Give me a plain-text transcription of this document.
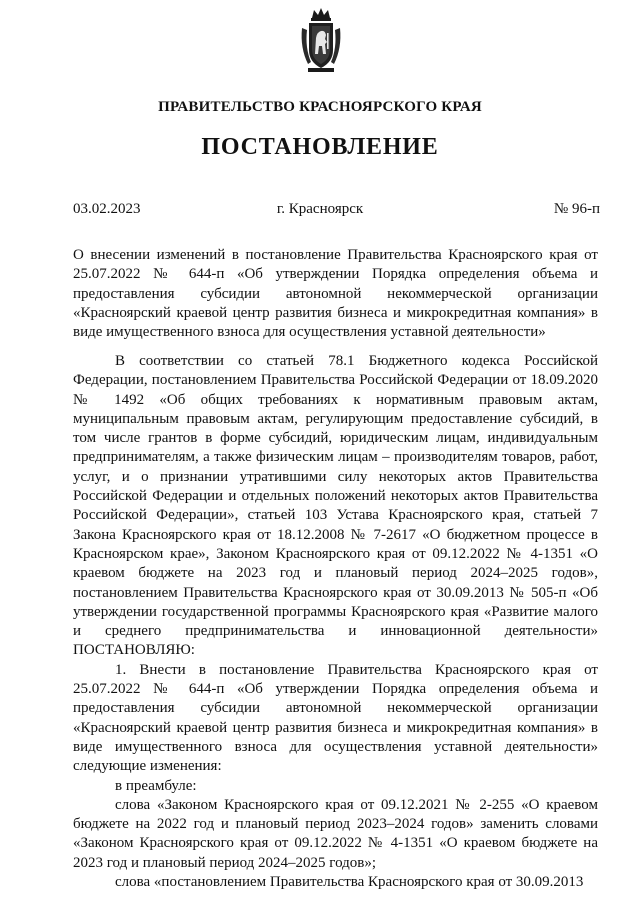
ПРАВИТЕЛЬСТВО КРАСНОЯРСКОГО КРАЯ
ПОСТАНОВЛЕНИЕ
03.02.2023	г. Красноярск	№ 96-п
О внесении изменений в постановление Правительства Красноярского края от 25.07.2022 № 644-п «Об утверждении Порядка определения объема и предоставления субсидии автономной некоммерческой организации «Красноярский краевой центр развития бизнеса и микрокредитная компания» в виде имущественного взноса для осуществления уставной деятельности»

В соответствии со статьей 78.1 Бюджетного кодекса Российской Федерации, постановлением Правительства Российской Федерации от 18.09.2020 № 1492 «Об общих требованиях к нормативным правовым актам, муниципальным правовым актам, регулирующим предоставление субсидий, в том числе грантов в форме субсидий, юридическим лицам, индивидуальным предпринимателям, а также физическим лицам – производителям товаров, работ, услуг, и о признании утратившими силу некоторых актов Правительства Российской Федерации и отдельных положений некоторых актов Правительства Российской Федерации», статьей 103 Устава Красноярского края, статьей 7 Закона Красноярского края от 18.12.2008 № 7-2617 «О бюджетном процессе в Красноярском крае», Законом Красноярского края от 09.12.2022 № 4-1351 «О краевом бюджете на 2023 год и плановый период 2024–2025 годов», постановлением Правительства Красноярского края от 30.09.2013 № 505-п «Об утверждении государственной программы Красноярского края «Развитие малого и среднего предпринимательства и инновационной деятельности» ПОСТАНОВЛЯЮ:

1. Внести в постановление Правительства Красноярского края от 25.07.2022 № 644-п «Об утверждении Порядка определения объема и предоставления субсидии автономной некоммерческой организации «Красноярский краевой центр развития бизнеса и микрокредитная компания» в виде имущественного взноса для осуществления уставной деятельности» следующие изменения:

в преамбуле:

слова «Законом Красноярского края от 09.12.2021 № 2-255 «О краевом бюджете на 2022 год и плановый период 2023–2024 годов» заменить словами «Законом Красноярского края от 09.12.2022 № 4-1351 «О краевом бюджете на 2023 год и плановый период 2024–2025 годов»;

слова «постановлением Правительства Красноярского края от 30.09.2013
